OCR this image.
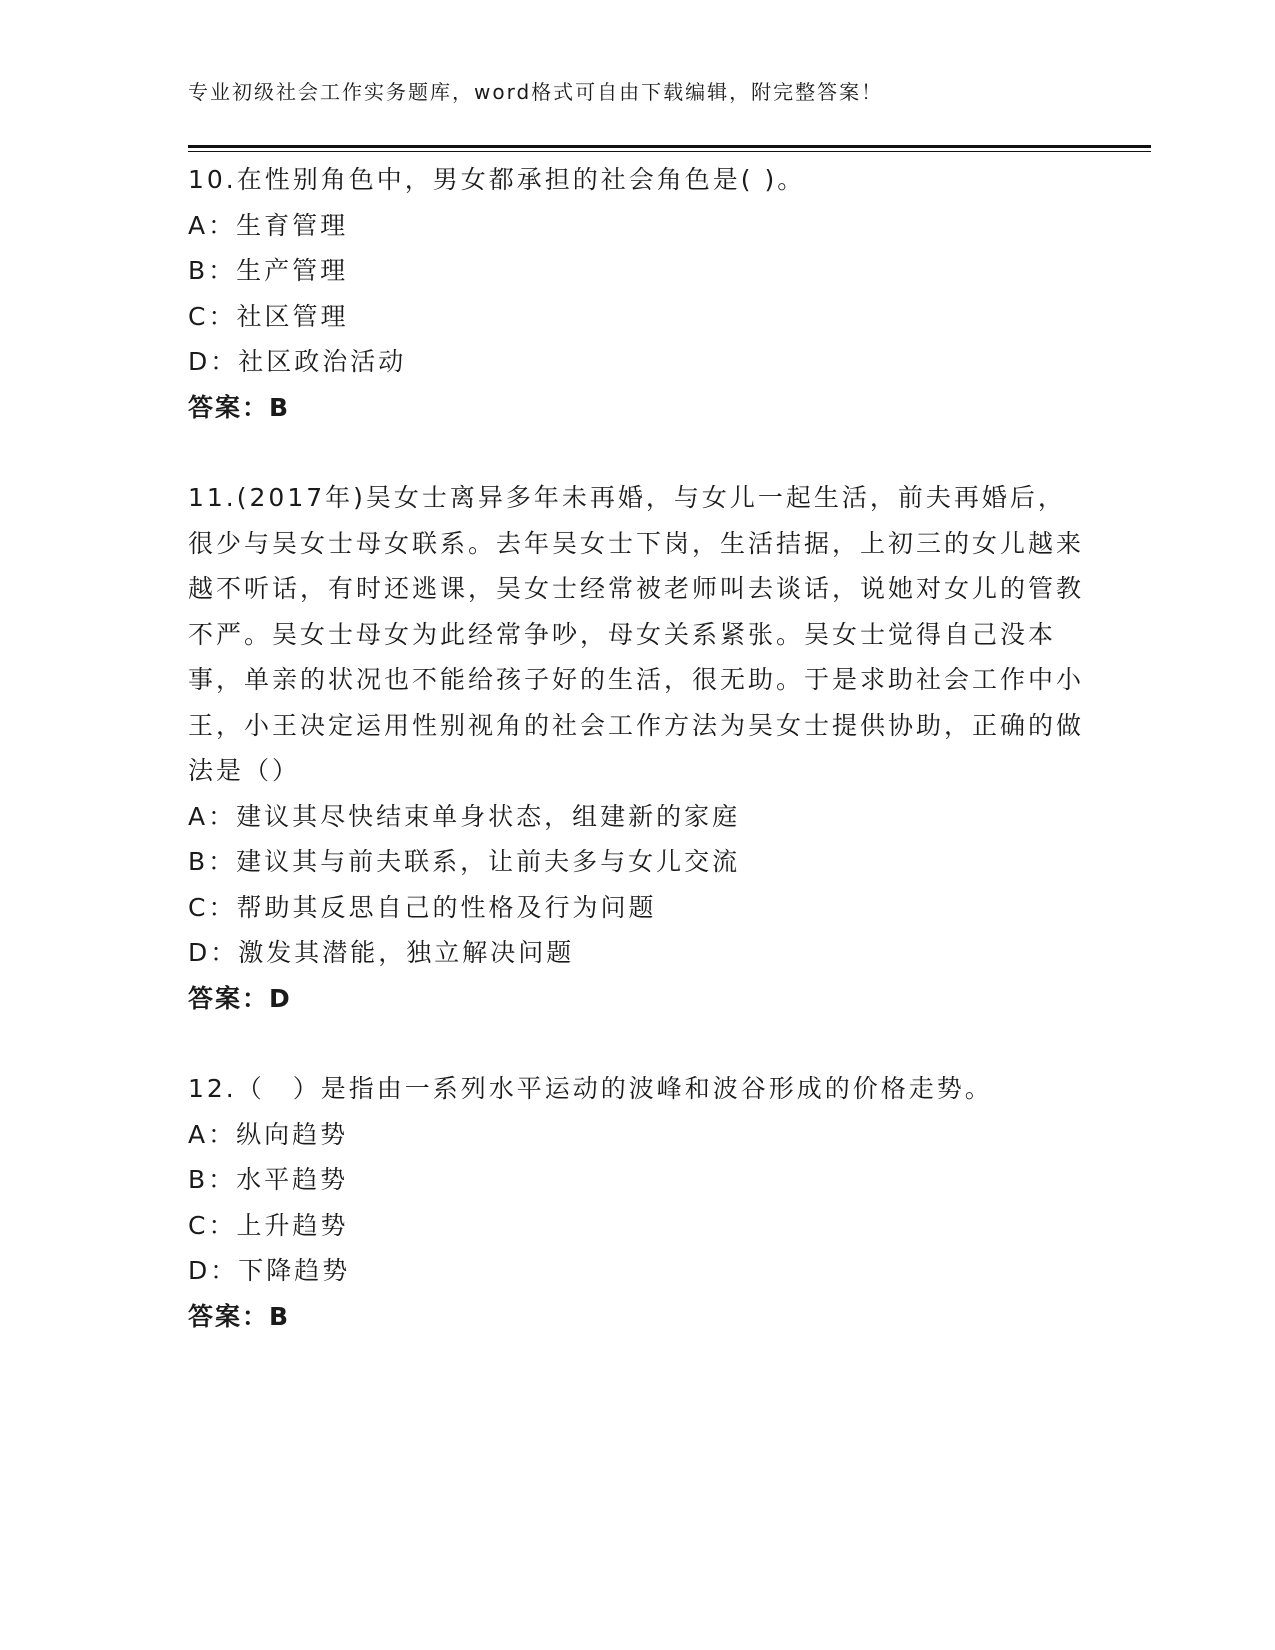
专业初级社会工作实务题库，word格式可自由下载编辑，附完整答案！

10.在性别角色中，男女都承担的社会角色是( )。

A：生育管理

B：生产管理

C：社区管理

D：社区政治活动

答案：B

11.(2017年)吴女士离异多年未再婚，与女儿一起生活，前夫再婚后，很少与吴女士母女联系。去年吴女士下岗，生活拮据，上初三的女儿越来越不听话，有时还逃课，吴女士经常被老师叫去谈话，说她对女儿的管教不严。吴女士母女为此经常争吵，母女关系紧张。吴女士觉得自己没本事，单亲的状况也不能给孩子好的生活，很无助。于是求助社会工作中小王，小王决定运用性别视角的社会工作方法为吴女士提供协助，正确的做法是（）

A：建议其尽快结束单身状态，组建新的家庭

B：建议其与前夫联系，让前夫多与女儿交流

C：帮助其反思自己的性格及行为问题

D：激发其潜能，独立解决问题

答案：D

12.（　）是指由一系列水平运动的波峰和波谷形成的价格走势。

A：纵向趋势

B：水平趋势

C：上升趋势

D：下降趋势

答案：B
